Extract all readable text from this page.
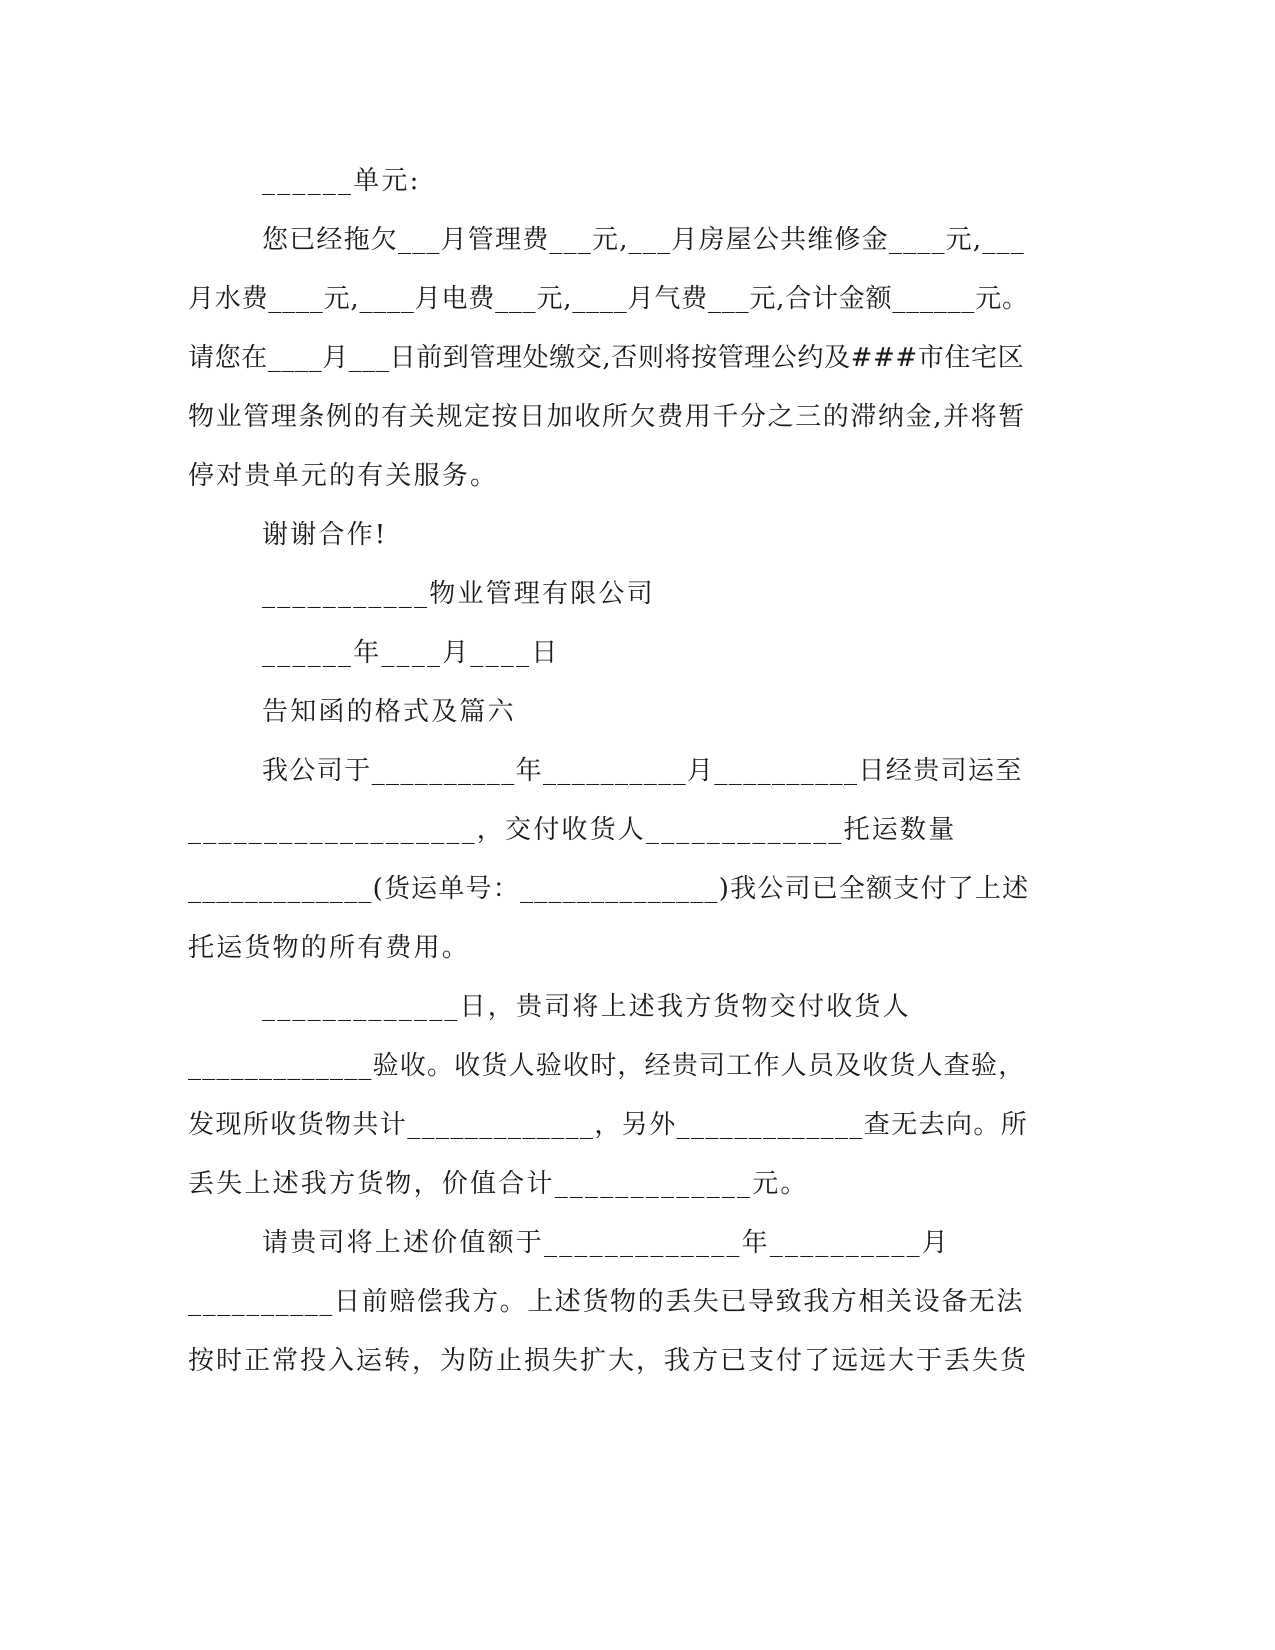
______单元:
您已经拖欠___月管理费___元,___月房屋公共维修金____元,___
月水费____元,____月电费___元,____月气费___元,合计金额______元。
请您在____月___日前到管理处缴交,否则将按管理公约及###市住宅区
物业管理条例的有关规定按日加收所欠费用千分之三的滞纳金,并将暂
停对贵单元的有关服务。
谢谢合作!
___________物业管理有限公司
______年____月____日
告知函的格式及篇六
我公司于__________年__________月__________日经贵司运至
___________________，交付收货人_____________托运数量
_____________(货运单号：______________)我公司已全额支付了上述
托运货物的所有费用。
_____________日，贵司将上述我方货物交付收货人
_____________验收。收货人验收时，经贵司工作人员及收货人查验，
发现所收货物共计_____________，另外_____________查无去向。所
丢失上述我方货物，价值合计_____________元。
请贵司将上述价值额于_____________年__________月
__________日前赔偿我方。上述货物的丢失已导致我方相关设备无法
按时正常投入运转，为防止损失扩大，我方已支付了远远大于丢失货
